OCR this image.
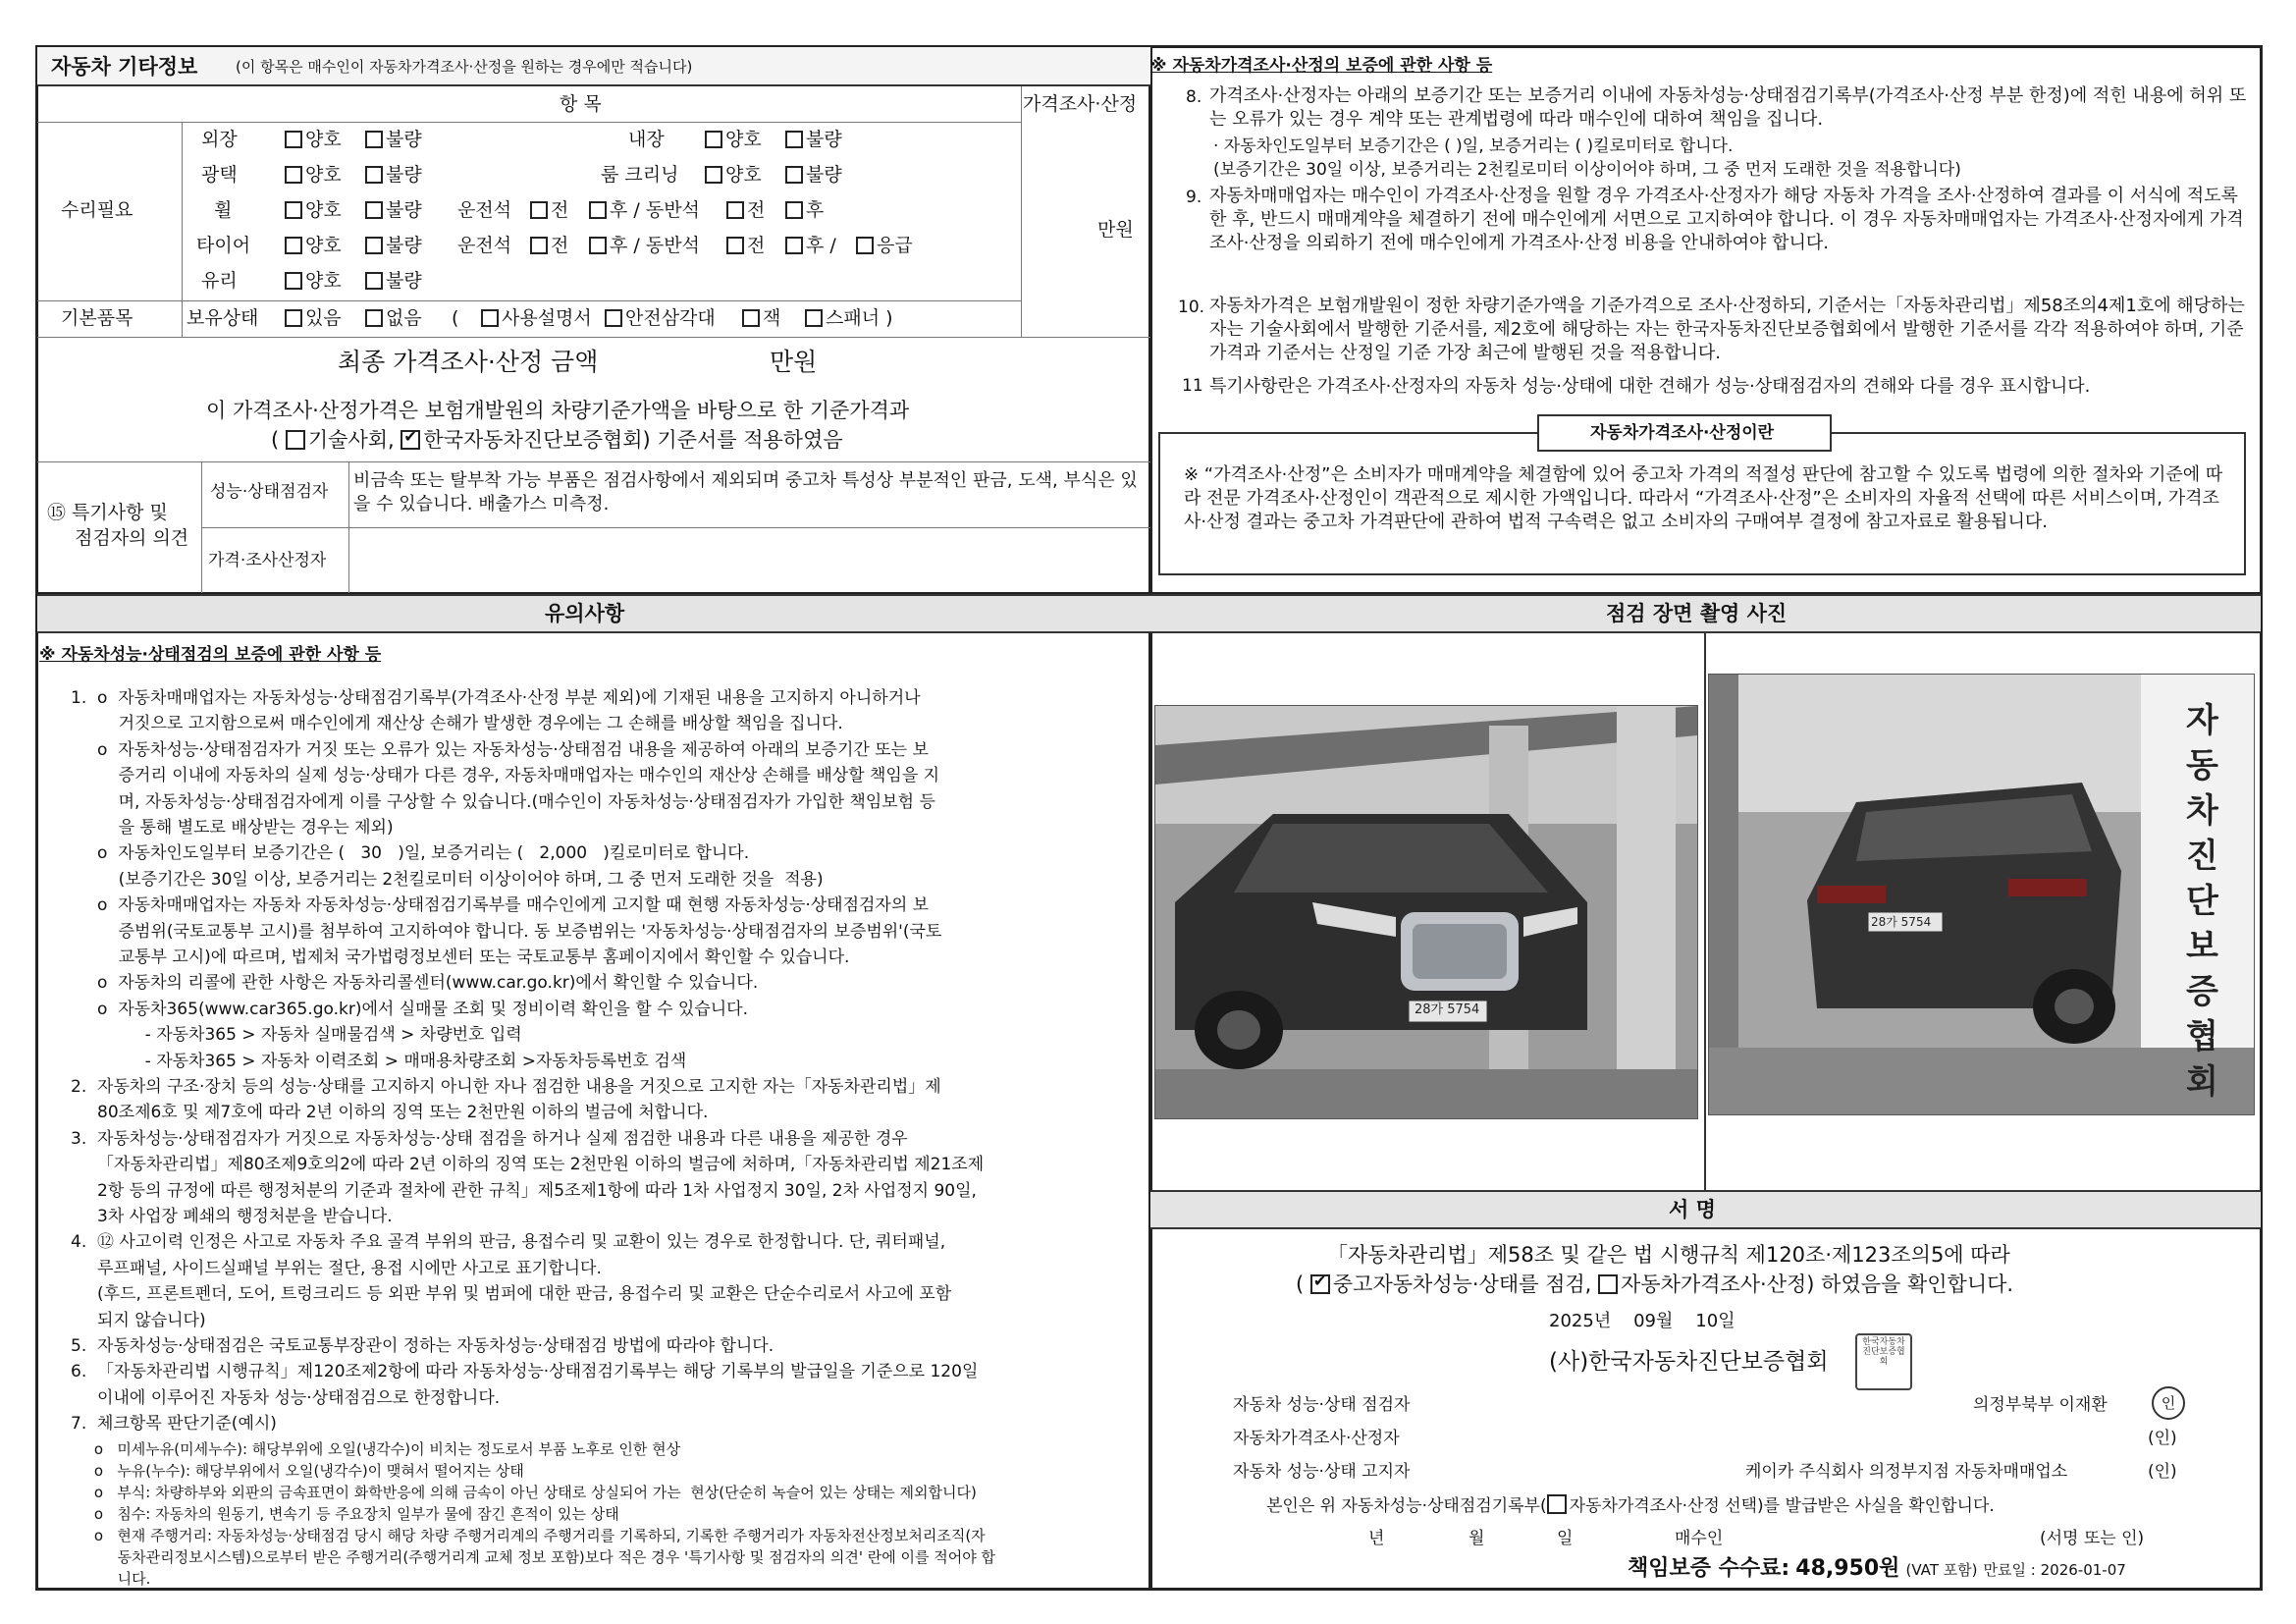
자동차 기타정보	(이 항목은 매수인이 자동차가격조사·산정을 원하는 경우에만 적습니다)
항 목	가격조사·산정
수리필요
만원
외장	양호	불량	내장	양호	불량
광택	양호	불량	룸 크리닝	양호	불량
휠	양호	불량 운전석	전	후 / 동반석	전	후
타이어	양호	불량 운전석	전	후 / 동반석	전	후 /	응급
유리	양호	불량
기본품목	보유상태	있음	없음 (	사용설명서	안전삼각대	잭	스패너 )
최종 가격조사·산정 금액	만원
이 가격조사·산정가격은 보험개발원의 차량기준가액을 바탕으로 한 기준가격과
( 기술사회, ✔ 한국자동차진단보증협회) 기준서를 적용하였음
⑮ 특기사항 및
점검자의 의견
성능·상태점검자
비금속 또는 탈부착 가능 부품은 점검사항에서 제외되며 중고차 특성상 부분적인 판금, 도색, 부식은 있을 수 있습니다. 배출가스 미측정.
가격·조사산정자
※ 자동차가격조사·산정의 보증에 관한 사항 등
8. 가격조사·산정자는 아래의 보증기간 또는 보증거리 이내에 자동차성능·상태점검기록부(가격조사·산정 부분 한정)에 적힌 내용에 허위 또는 오류가 있는 경우 계약 또는 관계법령에 따라 매수인에 대하여 책임을 집니다.
· 자동차인도일부터 보증기간은 ( )일, 보증거리는 ( )킬로미터로 합니다.
(보증기간은 30일 이상, 보증거리는 2천킬로미터 이상이어야 하며, 그 중 먼저 도래한 것을 적용합니다)
9. 자동차매매업자는 매수인이 가격조사·산정을 원할 경우 가격조사·산정자가 해당 자동차 가격을 조사·산정하여 결과를 이 서식에 적도록 한 후, 반드시 매매계약을 체결하기 전에 매수인에게 서면으로 고지하여야 합니다. 이 경우 자동차매매업자는 가격조사·산정자에게 가격조사·산정을 의뢰하기 전에 매수인에게 가격조사·산정 비용을 안내하여야 합니다.
10. 자동차가격은 보험개발원이 정한 차량기준가액을 기준가격으로 조사·산정하되, 기준서는「자동차관리법」제58조의4제1호에 해당하는 자는 기술사회에서 발행한 기준서를, 제2호에 해당하는 자는 한국자동차진단보증협회에서 발행한 기준서를 각각 적용하여야 하며, 기준가격과 기준서는 산정일 기준 가장 최근에 발행된 것을 적용합니다.
11 특기사항란은 가격조사·산정자의 자동차 성능·상태에 대한 견해가 성능·상태점검자의 견해와 다를 경우 표시합니다.
자동차가격조사·산정이란
※ “가격조사·산정”은 소비자가 매매계약을 체결함에 있어 중고차 가격의 적절성 판단에 참고할 수 있도록 법령에 의한 절차와 기준에 따라 전문 가격조사·산정인이 객관적으로 제시한 가액입니다. 따라서 “가격조사·산정”은 소비자의 자율적 선택에 따른 서비스이며, 가격조사·산정 결과는 중고차 가격판단에 관하여 법적 구속력은 없고 소비자의 구매여부 결정에 참고자료로 활용됩니다.
유의사항
※ 자동차성능·상태점검의 보증에 관한 사항 등
1.  ο  자동차매매업자는 자동차성능·상태점검기록부(가격조사·산정 부분 제외)에 기재된 내용을 고지하지 아니하거나
거짓으로 고지함으로써 매수인에게 재산상 손해가 발생한 경우에는 그 손해를 배상할 책임을 집니다.
ο  자동차성능·상태점검자가 거짓 또는 오류가 있는 자동차성능·상태점검 내용을 제공하여 아래의 보증기간 또는 보
증거리 이내에 자동차의 실제 성능·상태가 다른 경우, 자동차매매업자는 매수인의 재산상 손해를 배상할 책임을 지
며, 자동차성능·상태점검자에게 이를 구상할 수 있습니다.(매수인이 자동차성능·상태점검자가 가입한 책임보험 등
을 통해 별도로 배상받는 경우는 제외)
ο  자동차인도일부터 보증기간은 (   30   )일, 보증거리는 (   2,000   )킬로미터로 합니다.
(보증기간은 30일 이상, 보증거리는 2천킬로미터 이상이어야 하며, 그 중 먼저 도래한 것을  적용)
ο  자동차매매업자는 자동차 자동차성능·상태점검기록부를 매수인에게 고지할 때 현행 자동차성능·상태점검자의 보
증범위(국토교통부 고시)를 첨부하여 고지하여야 합니다. 동 보증범위는 '자동차성능·상태점검자의 보증범위'(국토
교통부 고시)에 따르며, 법제처 국가법령정보센터 또는 국토교통부 홈페이지에서 확인할 수 있습니다.
ο  자동차의 리콜에 관한 사항은 자동차리콜센터(www.car.go.kr)에서 확인할 수 있습니다.
ο  자동차365(www.car365.go.kr)에서 실매물 조회 및 정비이력 확인을 할 수 있습니다.
- 자동차365 > 자동차 실매물검색 > 차량번호 입력
- 자동차365 > 자동차 이력조회 > 매매용차량조회 >자동차등록번호 검색
2.  자동차의 구조·장치 등의 성능·상태를 고지하지 아니한 자나 점검한 내용을 거짓으로 고지한 자는「자동차관리법」제
80조제6호 및 제7호에 따라 2년 이하의 징역 또는 2천만원 이하의 벌금에 처합니다.
3.  자동차성능·상태점검자가 거짓으로 자동차성능·상태 점검을 하거나 실제 점검한 내용과 다른 내용을 제공한 경우
「자동차관리법」제80조제9호의2에 따라 2년 이하의 징역 또는 2천만원 이하의 벌금에 처하며,「자동차관리법 제21조제
2항 등의 규정에 따른 행정처분의 기준과 절차에 관한 규칙」제5조제1항에 따라 1차 사업정지 30일, 2차 사업정지 90일,
3차 사업장 폐쇄의 행정처분을 받습니다.
4.  ⑫ 사고이력 인정은 사고로 자동차 주요 골격 부위의 판금, 용접수리 및 교환이 있는 경우로 한정합니다. 단, 쿼터패널,
루프패널, 사이드실패널 부위는 절단, 용접 시에만 사고로 표기합니다.
(후드, 프론트펜더, 도어, 트렁크리드 등 외판 부위 및 범퍼에 대한 판금, 용접수리 및 교환은 단순수리로서 사고에 포함
되지 않습니다)
5.  자동차성능·상태점검은 국토교통부장관이 정하는 자동차성능·상태점검 방법에 따라야 합니다.
6.  「자동차관리법 시행규칙」제120조제2항에 따라 자동차성능·상태점검기록부는 해당 기록부의 발급일을 기준으로 120일
이내에 이루어진 자동차 성능·상태점검으로 한정합니다.
7.  체크항목 판단기준(예시)
ο   미세누유(미세누수): 해당부위에 오일(냉각수)이 비치는 정도로서 부품 노후로 인한 현상
ο   누유(누수): 해당부위에서 오일(냉각수)이 맺혀서 떨어지는 상태
ο   부식: 차량하부와 외판의 금속표면이 화학반응에 의해 금속이 아닌 상태로 상실되어 가는  현상(단순히 녹슬어 있는 상태는 제외합니다)
ο   침수: 자동차의 원동기, 변속기 등 주요장치 일부가 물에 잠긴 흔적이 있는 상태
ο   현재 주행거리: 자동차성능·상태점검 당시 해당 차량 주행거리계의 주행거리를 기록하되, 기록한 주행거리가 자동차전산정보처리조직(자
동차관리정보시스템)으로부터 받은 주행거리(주행거리계 교체 정보 포함)보다 적은 경우 '특기사항 및 점검자의 의견' 란에 이를 적어야 합
니다.
점검 장면 촬영 사진
28가 5754
28가 5754
자동차진단보증협회
서 명
「자동차관리법」제58조 및 같은 법 시행규칙 제120조·제123조의5에 따라
( ✔ 중고자동차성능·상태를 점검, 자동차가격조사·산정) 하였음을 확인합니다.
2025년 09월 10일
(사)한국자동차진단보증협회
한국자동차진단보증협회
자동차 성능·상태 점검자	의정부북부 이재환	인
자동차가격조사·산정자	(인)
자동차 성능·상태 고지자	케이카 주식회사 의정부지점 자동차매매업소	(인)
본인은 위 자동차성능·상태점검기록부( 자동차가격조사·산정 선택)를 발급받은 사실을 확인합니다.
년	월	일	매수인	(서명 또는 인)
책임보증 수수료: 48,950원 (VAT 포함) 만료일 : 2026-01-07
